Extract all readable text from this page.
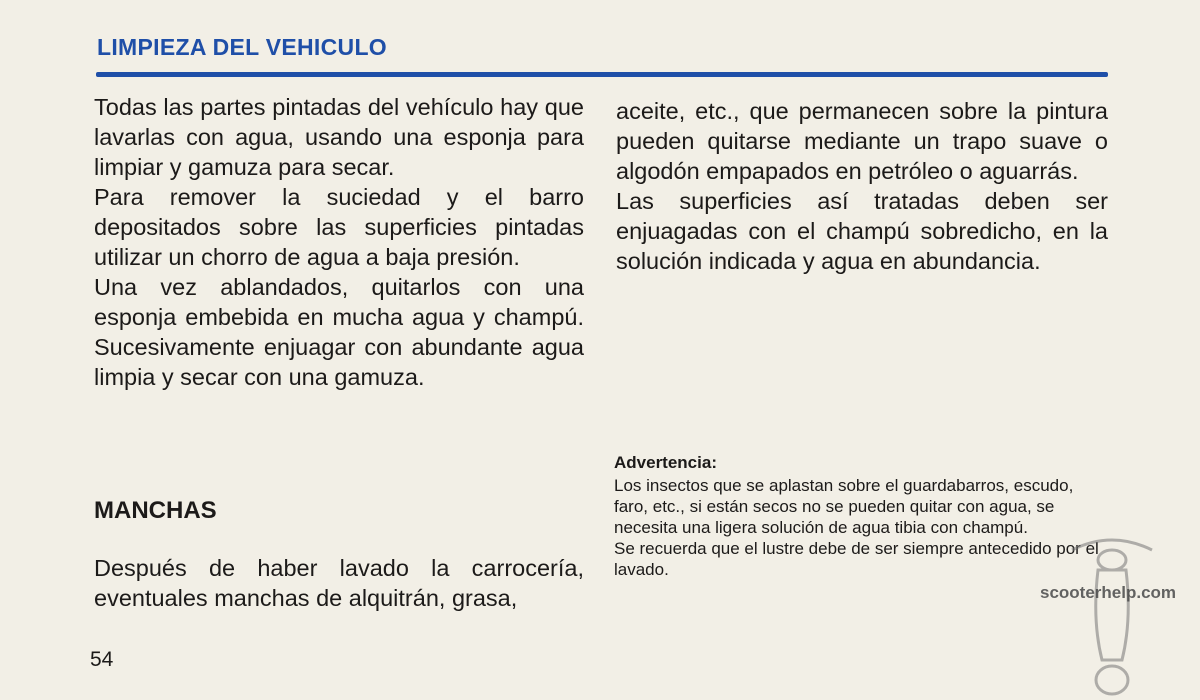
LIMPIEZA DEL VEHICULO

Todas las partes pintadas del vehículo hay que lavarlas con agua, usando una esponja para limpiar y gamuza para secar.

Para remover la suciedad y el barro depositados sobre las superficies pintadas utilizar un chorro de agua a baja presión.

Una vez ablandados, quitarlos con una esponja embebida en mucha agua y champú. Sucesivamente enjuagar con abundante agua limpia y secar con una gamuza.

MANCHAS

Después de haber lavado la carrocería, eventuales manchas de alquitrán, grasa,

aceite, etc., que permanecen sobre la pintura pueden quitarse mediante un trapo suave o algodón empapados en petróleo o aguarrás.

Las superficies así tratadas deben ser enjuagadas con el champú sobredicho, en la solución indicada y agua en abundancia.

Advertencia:

Los insectos que se aplastan sobre el guardabarros, escudo, faro, etc., si están secos no se pueden quitar con agua, se necesita una ligera solución de agua tibia con champú.

Se recuerda que el lustre debe de ser siempre antecedido por el lavado.

54
scooterhelp.com
